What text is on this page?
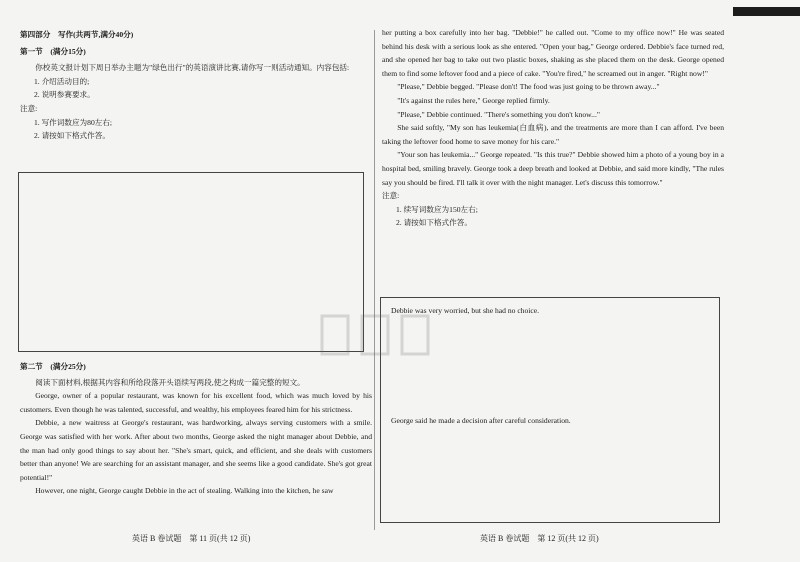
第四部分　写作(共两节,满分40分)

第一节　(满分15分)

你校英文报计划下周日举办主题为"绿色出行"的英语演讲比赛,请你写一则活动通知。内容包括:

1. 介绍活动目的;

2. 说明参赛要求。

注意:

1. 写作词数应为80左右;

2. 请按如下格式作答。

第二节　(满分25分)

阅读下面材料,根据其内容和所给段落开头语续写两段,使之构成一篇完整的短文。

George, owner of a popular restaurant, was known for his excellent food, which was much loved by his customers. Even though he was talented, successful, and wealthy, his employees feared him for his strictness.

Debbie, a new waitress at George's restaurant, was hardworking, always serving customers with a smile. George was satisfied with her work. After about two months, George asked the night manager about Debbie, and the man had only good things to say about her. "She's smart, quick, and efficient, and she deals with customers better than anyone! We are searching for an assistant manager, and she seems like a good candidate. She's got great potential!"

However, one night, George caught Debbie in the act of stealing. Walking into the kitchen, he saw

英语 B 卷试题　第 11 页(共 12 页)

her putting a box carefully into her bag. "Debbie!" he called out. "Come to my office now!" He was seated behind his desk with a serious look as she entered. "Open your bag," George ordered. Debbie's face turned red, and she opened her bag to take out two plastic boxes, shaking as she placed them on the desk. George opened them to find some leftover food and a piece of cake. "You're fired," he screamed out in anger. "Right now!"

"Please," Debbie begged. "Please don't! The food was just going to be thrown away..."

"It's against the rules here," George replied firmly.

"Please," Debbie continued. "There's something you don't know..."

She said softly, "My son has leukemia(白血病), and the treatments are more than I can afford. I've been taking the leftover food home to save money for his care."

"Your son has leukemia..." George repeated. "Is this true?" Debbie showed him a photo of a young boy in a hospital bed, smiling bravely. George took a deep breath and looked at Debbie, and said more kindly, "The rules say you should be fired. I'll talk it over with the night manager. Let's discuss this tomorrow."

注意:

1. 续写词数应为150左右;

2. 请按如下格式作答。

Debbie was very worried, but she had no choice.
George said he made a decision after careful consideration.
英语 B 卷试题　第 12 页(共 12 页)
